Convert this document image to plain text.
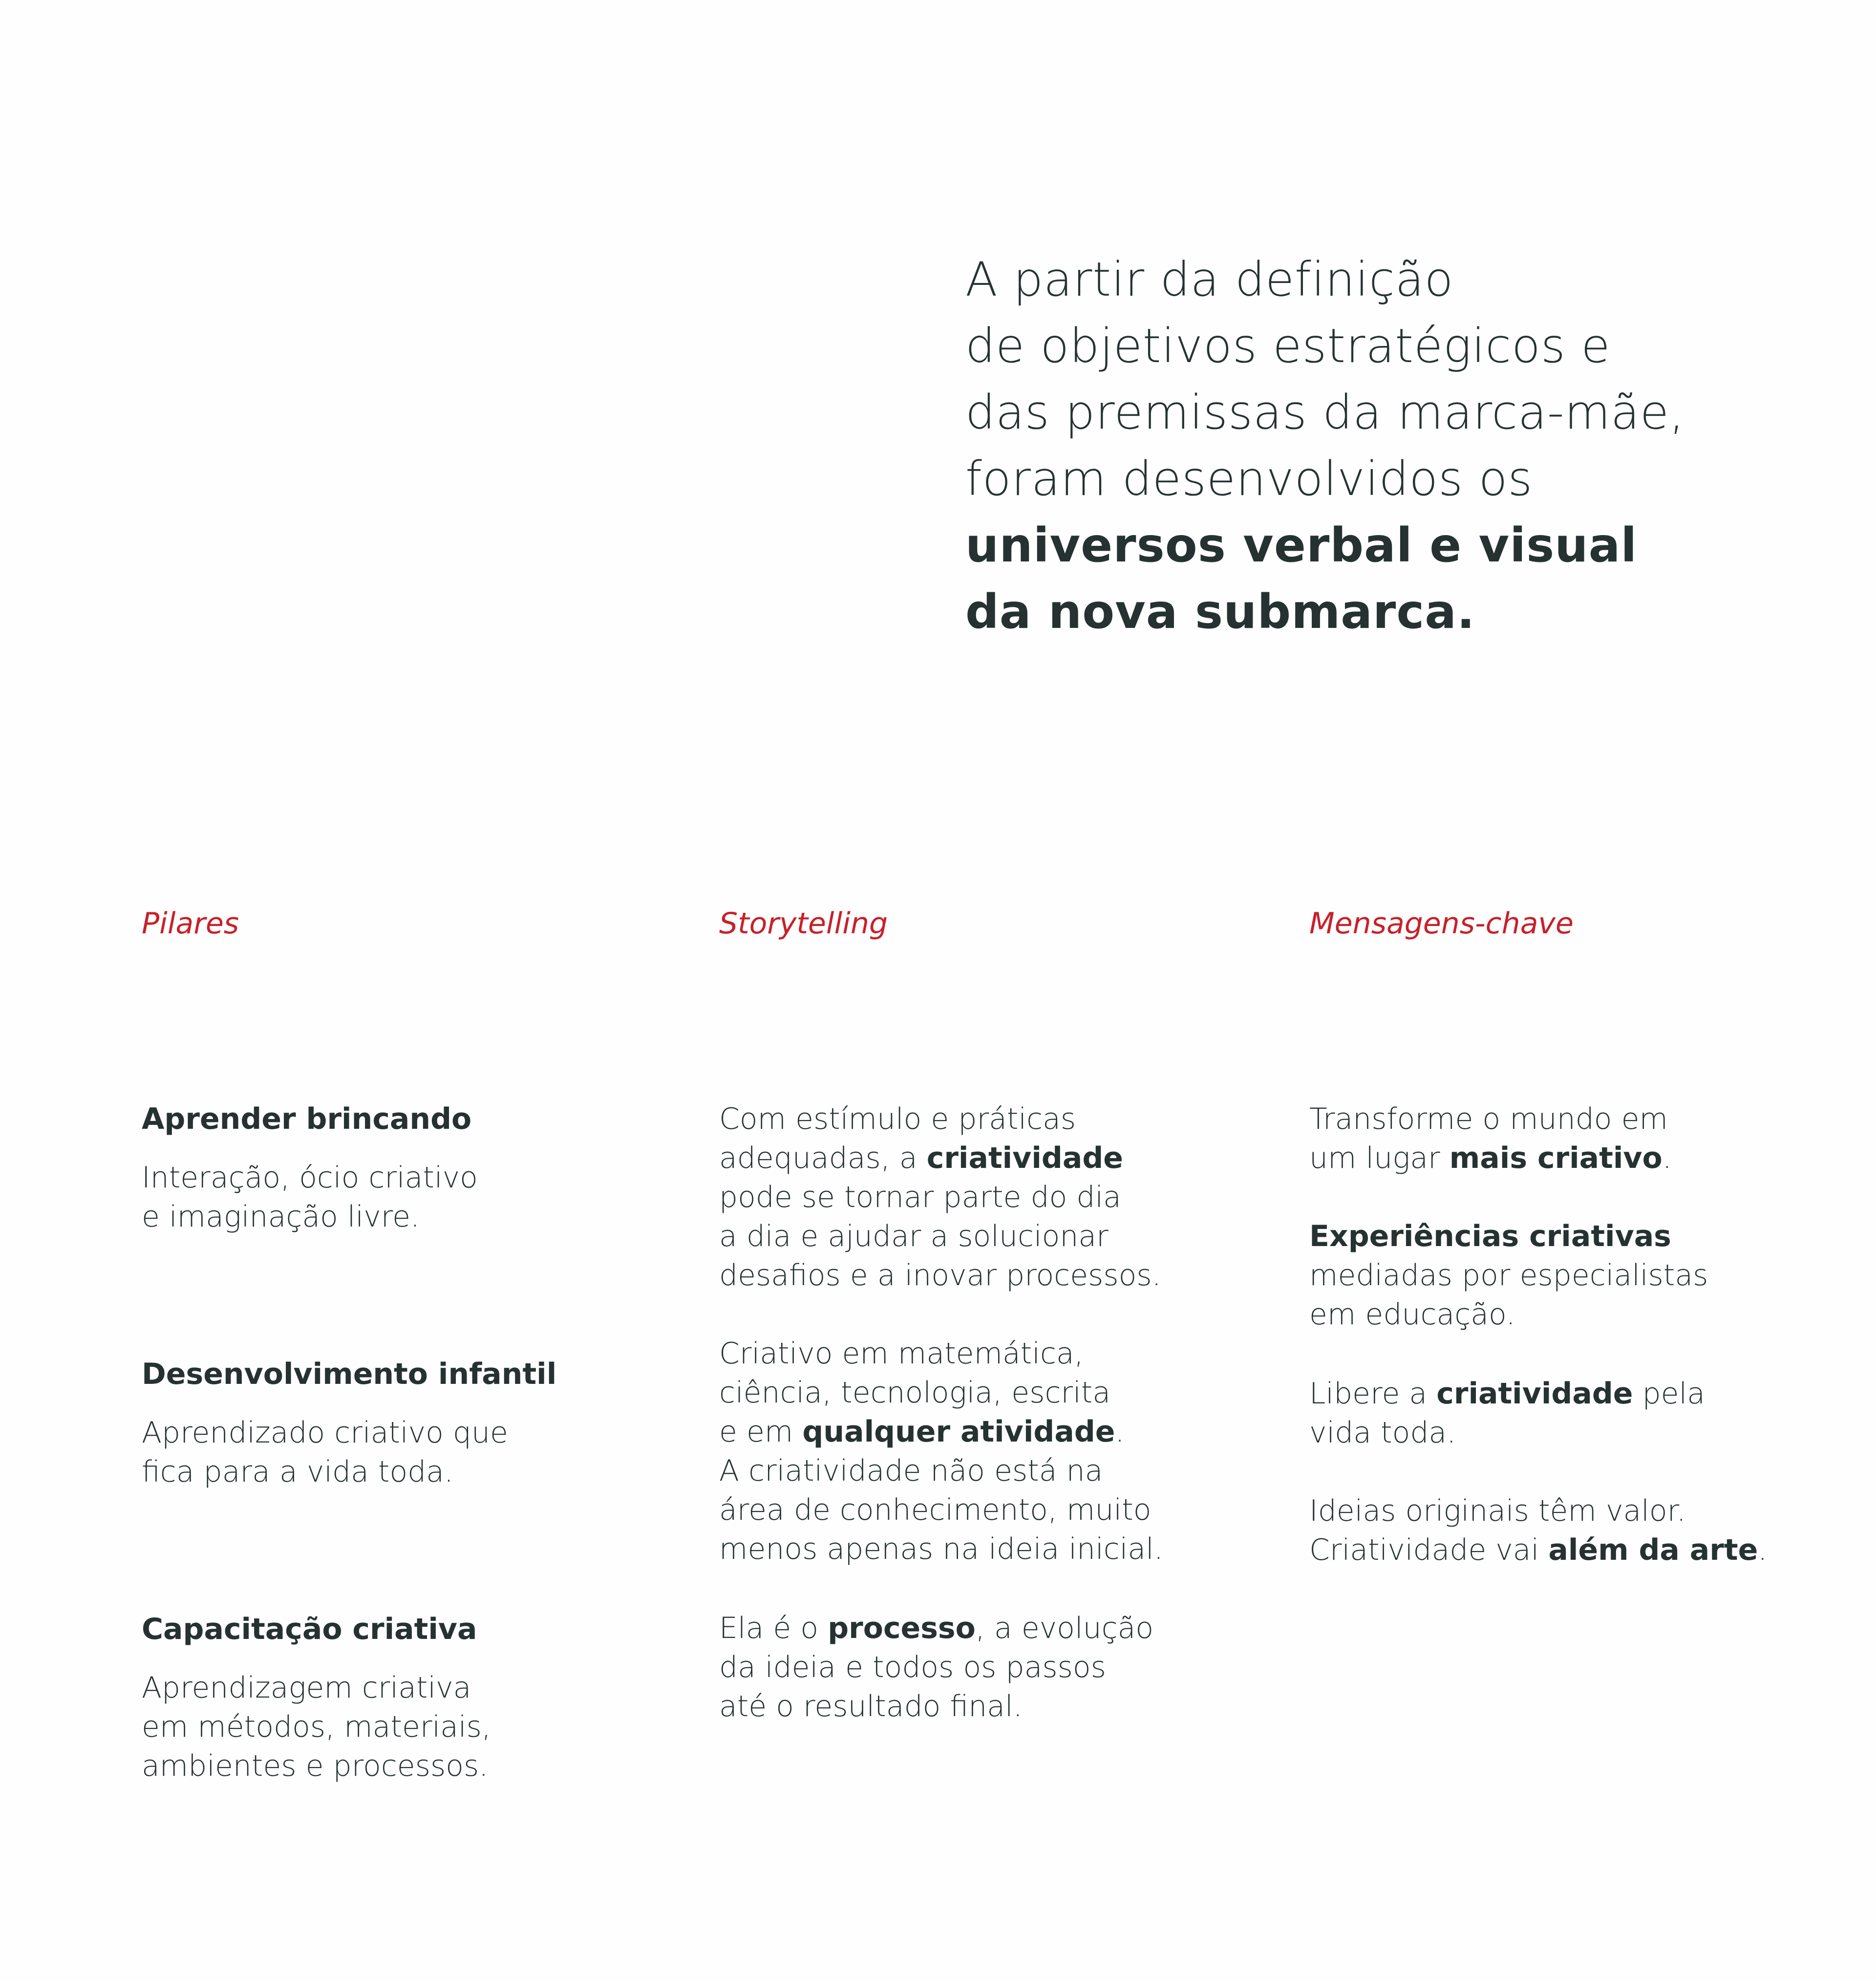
A partir da definição
de objetivos estratégicos e
das premissas da marca-mãe,
foram desenvolvidos os
universos verbal e visual
da nova submarca.
Pilares	Storytelling	Mensagens-chave
Aprender brincando
Interação, ócio criativo
e imaginação livre.
Desenvolvimento infantil
Aprendizado criativo que
fica para a vida toda.
Capacitação criativa
Aprendizagem criativa
em métodos, materiais,
ambientes e processos.
Com estímulo e práticas
adequadas, a criatividade
pode se tornar parte do dia
a dia e ajudar a solucionar
desafios e a inovar processos.
Criativo em matemática,
ciência, tecnologia, escrita
e em qualquer atividade.
A criatividade não está na
área de conhecimento, muito
menos apenas na ideia inicial.
Ela é o processo, a evolução
da ideia e todos os passos
até o resultado final.
Transforme o mundo em
um lugar mais criativo.
Experiências criativas
mediadas por especialistas
em educação.
Libere a criatividade pela
vida toda.
Ideias originais têm valor.
Criatividade vai além da arte.
